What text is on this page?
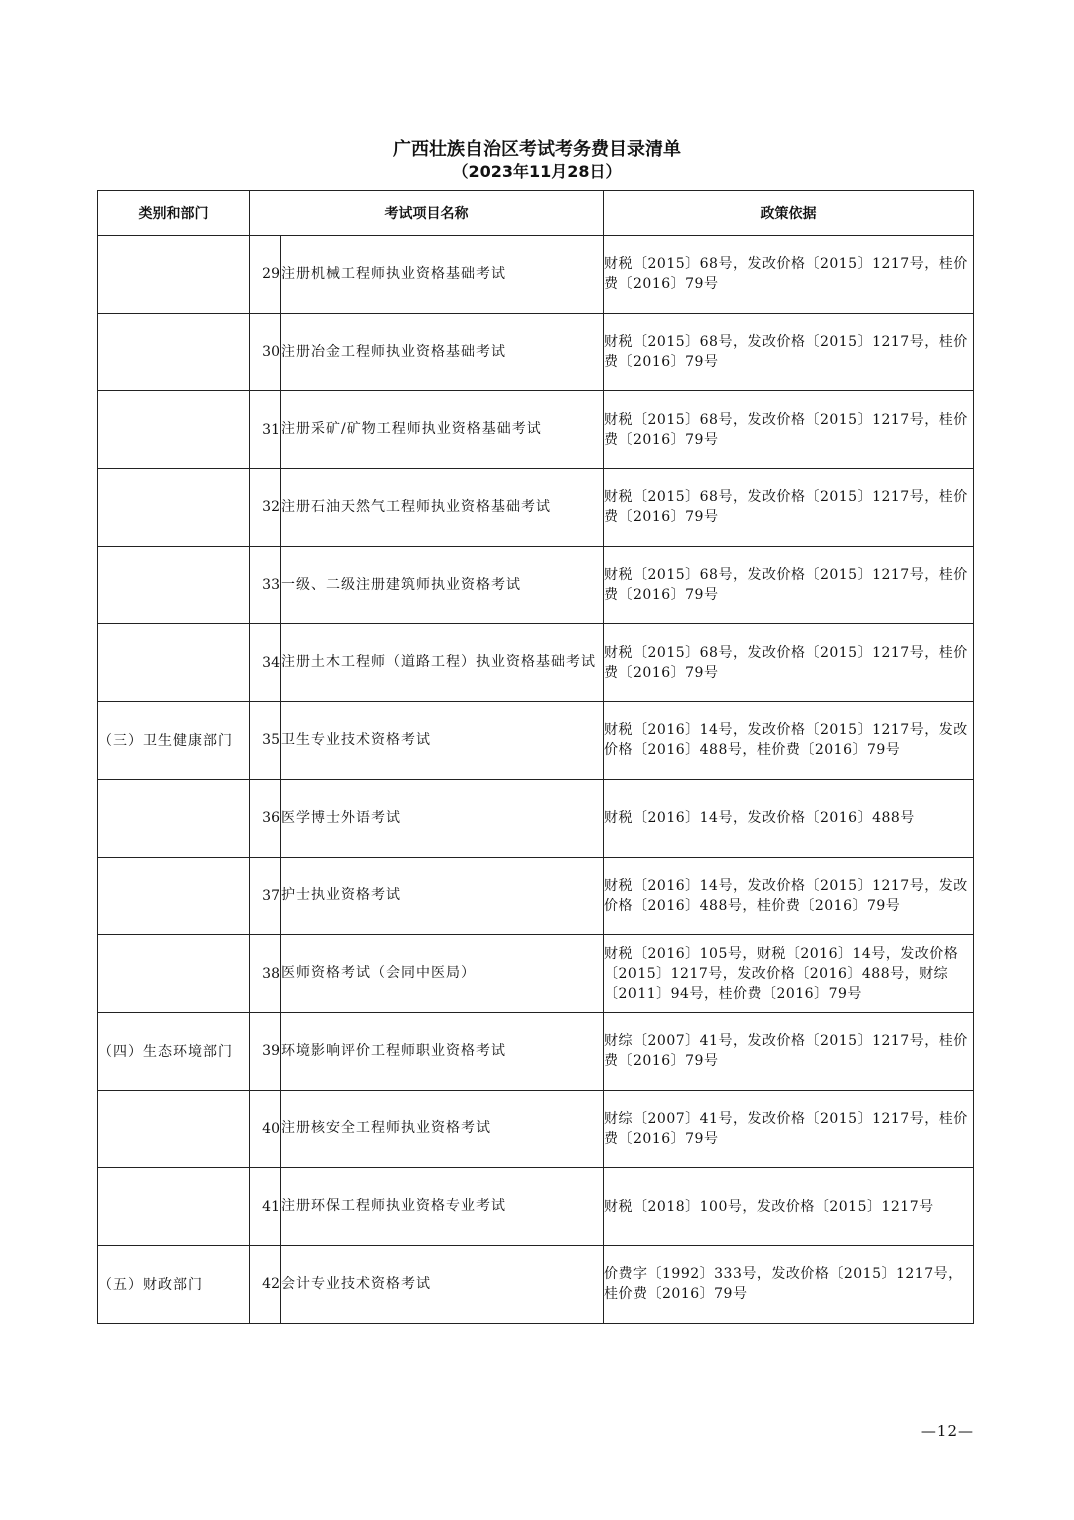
广西壮族自治区考试考务费目录清单
（2023年11月28日）
类别和部门	考试项目名称		政策依据
	29	注册机械工程师执业资格基础考试	财税〔2015〕68号，发改价格〔2015〕1217号，桂价费〔2016〕79号
	30	注册冶金工程师执业资格基础考试	财税〔2015〕68号，发改价格〔2015〕1217号，桂价费〔2016〕79号
	31	注册采矿/矿物工程师执业资格基础考试	财税〔2015〕68号，发改价格〔2015〕1217号，桂价费〔2016〕79号
	32	注册石油天然气工程师执业资格基础考试	财税〔2015〕68号，发改价格〔2015〕1217号，桂价费〔2016〕79号
	33	一级、二级注册建筑师执业资格考试	财税〔2015〕68号，发改价格〔2015〕1217号，桂价费〔2016〕79号
	34	注册土木工程师（道路工程）执业资格基础考试	财税〔2015〕68号，发改价格〔2015〕1217号，桂价费〔2016〕79号
（三）卫生健康部门	35	卫生专业技术资格考试	财税〔2016〕14号，发改价格〔2015〕1217号，发改价格〔2016〕488号，桂价费〔2016〕79号
	36	医学博士外语考试	财税〔2016〕14号，发改价格〔2016〕488号
	37	护士执业资格考试	财税〔2016〕14号，发改价格〔2015〕1217号，发改价格〔2016〕488号，桂价费〔2016〕79号
	38	医师资格考试（会同中医局）	财税〔2016〕105号，财税〔2016〕14号，发改价格〔2015〕1217号，发改价格〔2016〕488号，财综〔2011〕94号，桂价费〔2016〕79号
（四）生态环境部门	39	环境影响评价工程师职业资格考试	财综〔2007〕41号，发改价格〔2015〕1217号，桂价费〔2016〕79号
	40	注册核安全工程师执业资格考试	财综〔2007〕41号，发改价格〔2015〕1217号，桂价费〔2016〕79号
	41	注册环保工程师执业资格专业考试	财税〔2018〕100号，发改价格〔2015〕1217号
（五）财政部门	42	会计专业技术资格考试	价费字〔1992〕333号，发改价格〔2015〕1217号，桂价费〔2016〕79号
—12—
